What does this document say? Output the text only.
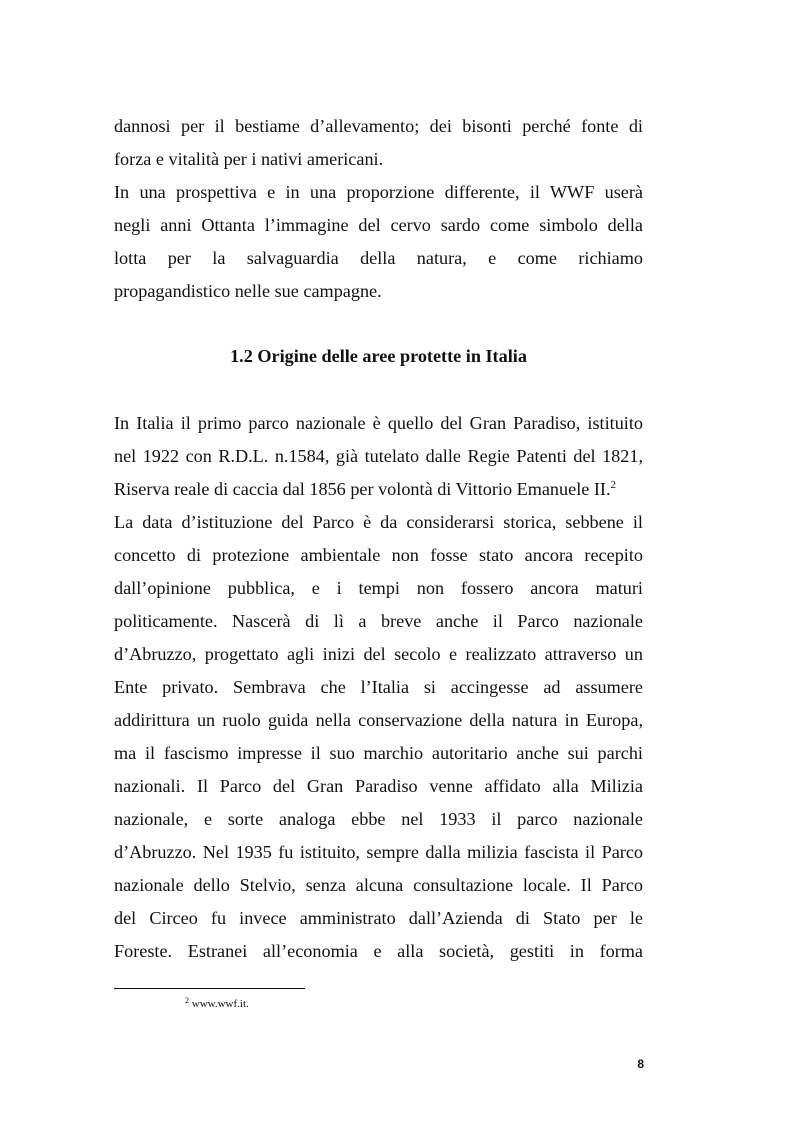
dannosi per il bestiame d’allevamento; dei bisonti perché fonte di
forza e vitalità per i nativi americani.
In una prospettiva e in una proporzione differente, il WWF userà
negli anni Ottanta l’immagine del cervo sardo come simbolo della
lotta per la salvaguardia della natura, e come richiamo
propagandistico nelle sue campagne.
1.2 Origine delle aree protette in Italia
In Italia il primo parco nazionale è quello del Gran Paradiso, istituito
nel 1922 con R.D.L. n.1584, già tutelato dalle Regie Patenti del 1821,
Riserva reale di caccia dal 1856 per volontà di Vittorio Emanuele II.$^2$
La data d’istituzione del Parco è da considerarsi storica, sebbene il
concetto di protezione ambientale non fosse stato ancora recepito
dall’opinione pubblica, e i tempi non fossero ancora maturi
politicamente. Nascerà di lì a breve anche il Parco nazionale
d’Abruzzo, progettato agli inizi del secolo e realizzato attraverso un
Ente privato. Sembrava che l’Italia si accingesse ad assumere
addirittura un ruolo guida nella conservazione della natura in Europa,
ma il fascismo impresse il suo marchio autoritario anche sui parchi
nazionali. Il Parco del Gran Paradiso venne affidato alla Milizia
nazionale, e sorte analoga ebbe nel 1933 il parco nazionale
d’Abruzzo. Nel 1935 fu istituito, sempre dalla milizia fascista il Parco
nazionale dello Stelvio, senza alcuna consultazione locale. Il Parco
del Circeo fu invece amministrato dall’Azienda di Stato per le
Foreste. Estranei all’economia e alla società, gestiti in forma
$^2$ www.wwf.it.
8
